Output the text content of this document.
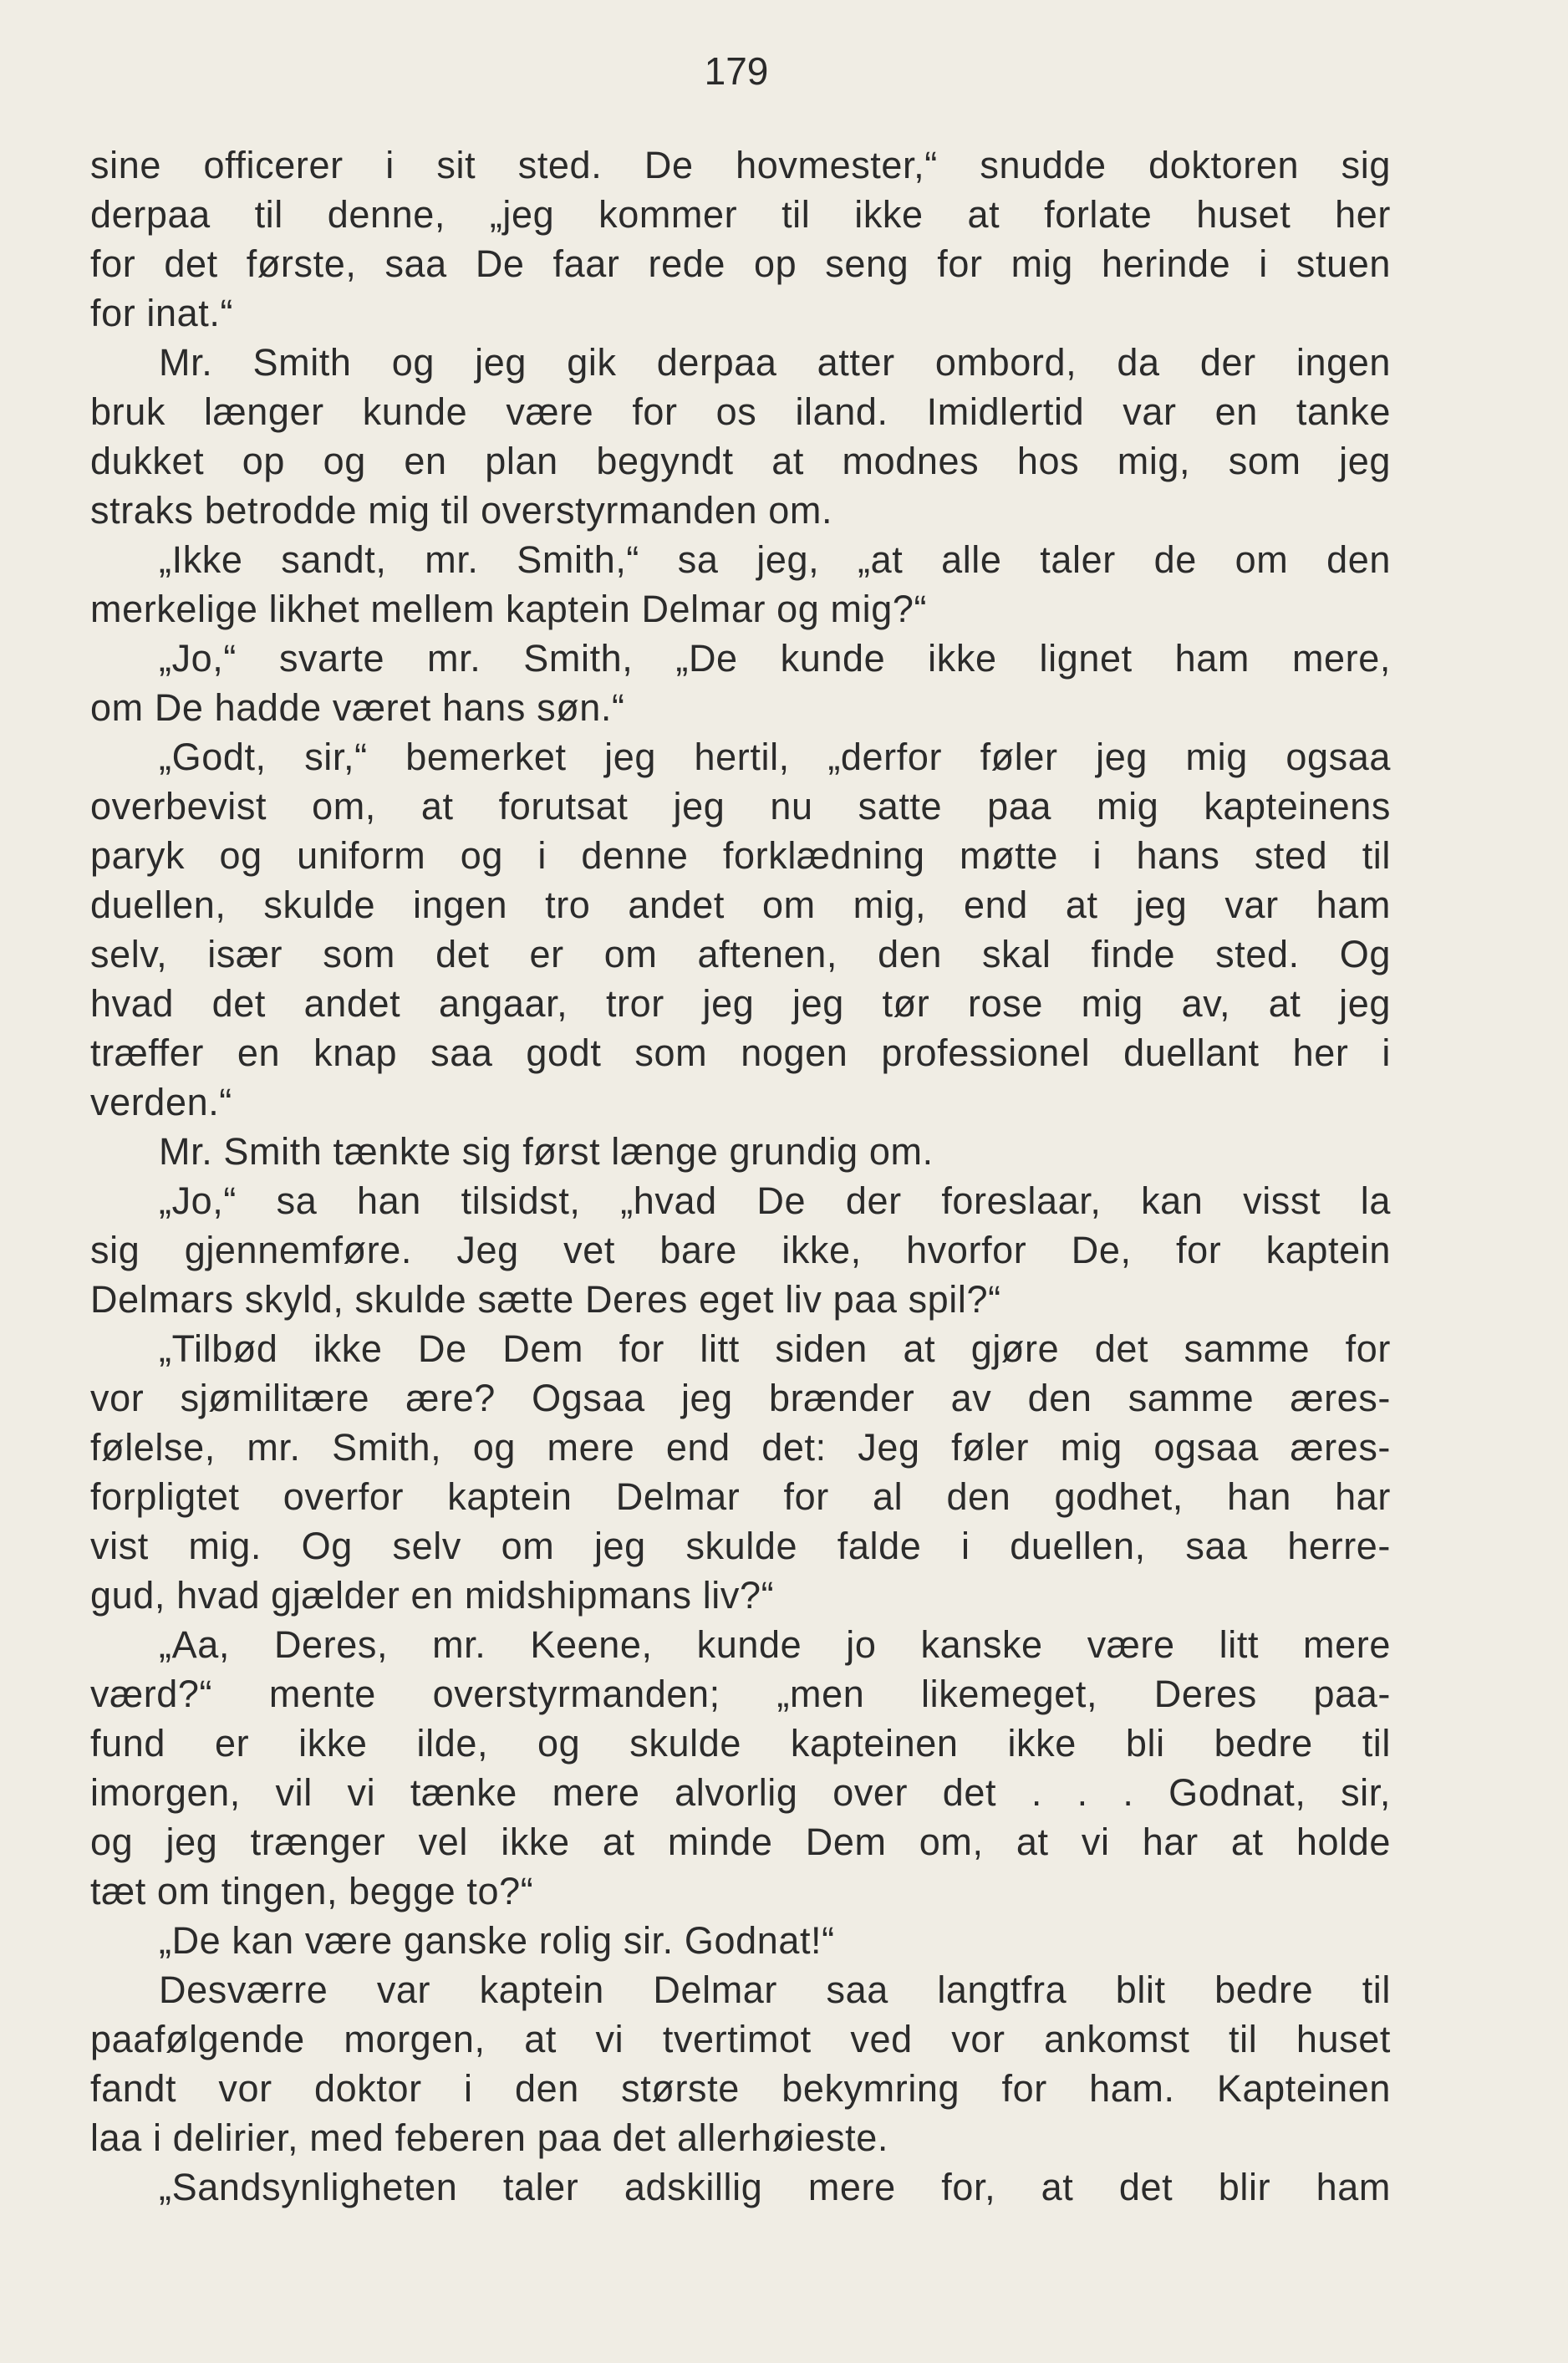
179
sine officerer i sit sted. De hovmester,“ snudde doktoren sig
derpaa til denne, „jeg kommer til ikke at forlate huset her
for det første, saa De faar rede op seng for mig herinde i stuen
for inat.“
Mr. Smith og jeg gik derpaa atter ombord, da der ingen
bruk længer kunde være for os iland. Imidlertid var en tanke
dukket op og en plan begyndt at modnes hos mig, som jeg
straks betrodde mig til overstyrmanden om.
„Ikke sandt, mr. Smith,“ sa jeg, „at alle taler de om den
merkelige likhet mellem kaptein Delmar og mig?“
„Jo,“ svarte mr. Smith, „De kunde ikke lignet ham mere,
om De hadde været hans søn.“
„Godt, sir,“ bemerket jeg hertil, „derfor føler jeg mig ogsaa
overbevist om, at forutsat jeg nu satte paa mig kapteinens
paryk og uniform og i denne forklædning møtte i hans sted til
duellen, skulde ingen tro andet om mig, end at jeg var ham
selv, især som det er om aftenen, den skal finde sted. Og
hvad det andet angaar, tror jeg jeg tør rose mig av, at jeg
træffer en knap saa godt som nogen professionel duellant her i
verden.“
Mr. Smith tænkte sig først længe grundig om.
„Jo,“ sa han tilsidst, „hvad De der foreslaar, kan visst la
sig gjennemføre. Jeg vet bare ikke, hvorfor De, for kaptein
Delmars skyld, skulde sætte Deres eget liv paa spil?“
„Tilbød ikke De Dem for litt siden at gjøre det samme for
vor sjømilitære ære? Ogsaa jeg brænder av den samme æres-
følelse, mr. Smith, og mere end det: Jeg føler mig ogsaa æres-
forpligtet overfor kaptein Delmar for al den godhet, han har
vist mig. Og selv om jeg skulde falde i duellen, saa herre-
gud, hvad gjælder en midshipmans liv?“
„Aa, Deres, mr. Keene, kunde jo kanske være litt mere
værd?“ mente overstyrmanden; „men likemeget, Deres paa-
fund er ikke ilde, og skulde kapteinen ikke bli bedre til
imorgen, vil vi tænke mere alvorlig over det . . . Godnat, sir,
og jeg trænger vel ikke at minde Dem om, at vi har at holde
tæt om tingen, begge to?“
„De kan være ganske rolig sir. Godnat!“
Desværre var kaptein Delmar saa langtfra blit bedre til
paafølgende morgen, at vi tvertimot ved vor ankomst til huset
fandt vor doktor i den største bekymring for ham. Kapteinen
laa i delirier, med feberen paa det allerhøieste.
„Sandsynligheten taler adskillig mere for, at det blir ham
